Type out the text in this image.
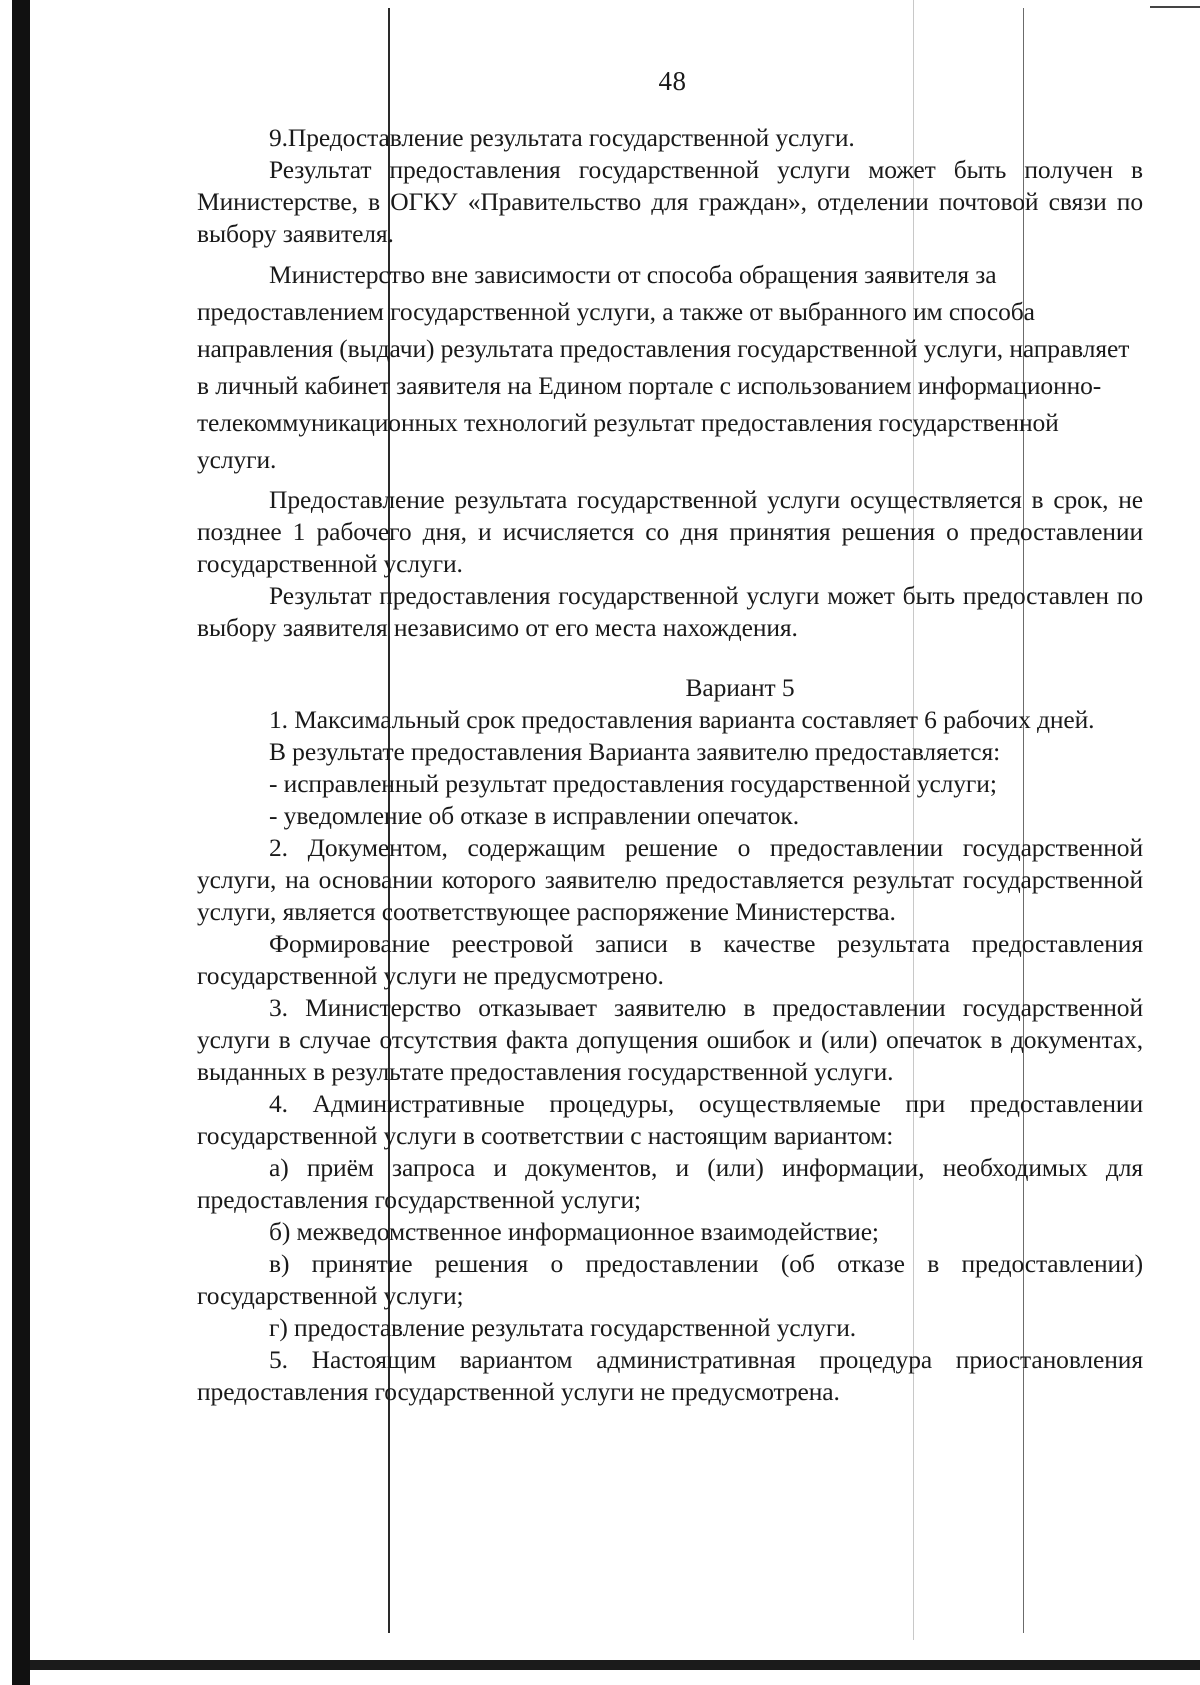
48

9.Предоставление результата государственной услуги.

Результат предоставления государственной услуги может быть получен в Министерстве, в ОГКУ «Правительство для граждан», отделении почтовой связи по выбору заявителя.

Министерство вне зависимости от способа обращения заявителя за предоставлением государственной услуги, а также от выбранного им способа направления (выдачи) результата предоставления государственной услуги, направляет в личный кабинет заявителя на Едином портале с использованием информационно-телекоммуникационных технологий результат предоставления государственной услуги.

Предоставление результата государственной услуги осуществляется в срок, не позднее 1 рабочего дня, и исчисляется со дня принятия решения о предоставлении государственной услуги.

Результат предоставления государственной услуги может быть предоставлен по выбору заявителя независимо от его места нахождения.

Вариант 5

1. Максимальный срок предоставления варианта составляет 6 рабочих дней.

В результате предоставления Варианта заявителю предоставляется:

- исправленный результат предоставления государственной услуги;

- уведомление об отказе в исправлении опечаток.

2. Документом, содержащим решение о предоставлении государственной услуги, на основании которого заявителю предоставляется результат государственной услуги, является соответствующее распоряжение Министерства.

Формирование реестровой записи в качестве результата предоставления государственной услуги не предусмотрено.

3. Министерство отказывает заявителю в предоставлении государственной услуги в случае отсутствия факта допущения ошибок и (или) опечаток в документах, выданных в результате предоставления государственной услуги.

4. Административные процедуры, осуществляемые при предоставлении государственной услуги в соответствии с настоящим вариантом:

а) приём запроса и документов, и (или) информации, необходимых для предоставления государственной услуги;

б) межведомственное информационное взаимодействие;

в) принятие решения о предоставлении (об отказе в предоставлении) государственной услуги;

г) предоставление результата государственной услуги.

5. Настоящим вариантом административная процедура приостановления предоставления государственной услуги не предусмотрена.
